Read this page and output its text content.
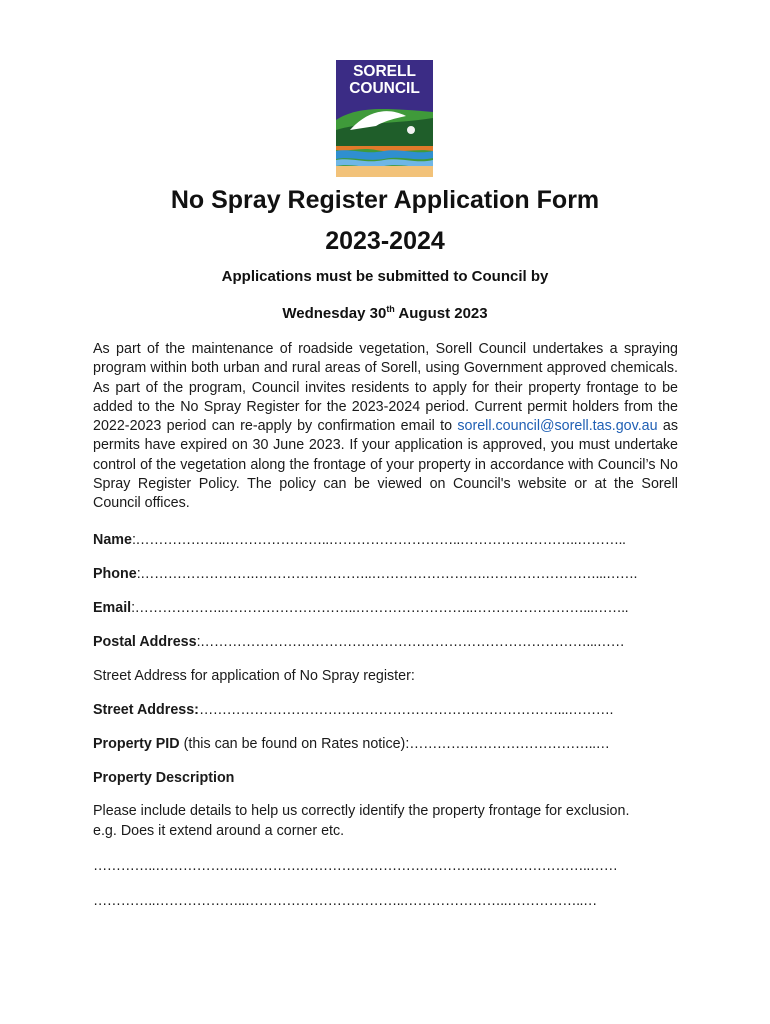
SORELL
COUNCIL
No Spray Register Application Form
2023-2024

Applications must be submitted to Council by

Wednesday 30th August 2023

As part of the maintenance of roadside vegetation, Sorell Council undertakes a spraying program within both urban and rural areas of Sorell, using Government approved chemicals. As part of the program, Council invites residents to apply for their property frontage to be added to the No Spray Register for the 2023-2024 period. Current permit holders from the 2022-2023 period can re-apply by confirmation email to sorell.council@sorell.tas.gov.au as permits have expired on 30 June 2023. If your application is approved, you must undertake control of the vegetation along the frontage of your property in accordance with Council’s No Spray Register Policy. The policy can be viewed on Council's website or at the Sorell Council offices.

Name:………………..…………………..………………………..……………………..………..

Phone:…………………….……………………..…………………….……………………...…….

Email:………………..………………………..……………………..……………………...……..

Postal Address:…………………………………………………………………………...……

Street Address for application of No Spray register:

Street Address:……………………………………………………………………...……….

Property PID (this can be found on Rates notice):…………………………………..…

Property Description

Please include details to help us correctly identify the property frontage for exclusion.
e.g. Does it extend around a corner etc.

…………..………………..……………………………………………..…………………..……

…………..………………..……………………………..…………………..……………..…
